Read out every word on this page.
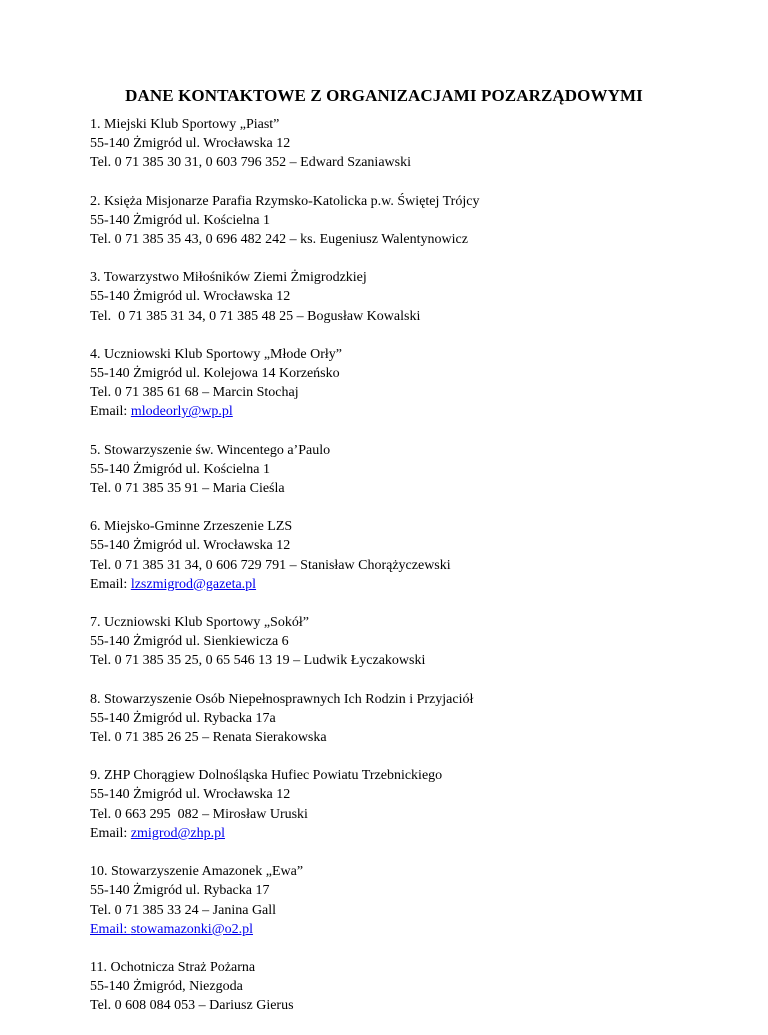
DANE KONTAKTOWE Z ORGANIZACJAMI POZARZĄDOWYMI
1. Miejski Klub Sportowy „Piast”
55-140 Żmigród ul. Wrocławska 12
Tel. 0 71 385 30 31, 0 603 796 352 – Edward Szaniawski
2. Księża Misjonarze Parafia Rzymsko-Katolicka p.w. Świętej Trójcy
55-140 Żmigród ul. Kościelna 1
Tel. 0 71 385 35 43, 0 696 482 242 – ks. Eugeniusz Walentynowicz
3. Towarzystwo Miłośników Ziemi Żmigrodzkiej
55-140 Żmigród ul. Wrocławska 12
Tel.  0 71 385 31 34, 0 71 385 48 25 – Bogusław Kowalski
4. Uczniowski Klub Sportowy „Młode Orły”
55-140 Żmigród ul. Kolejowa 14 Korzeńsko
Tel. 0 71 385 61 68 – Marcin Stochaj
Email: mlodeorly@wp.pl
5. Stowarzyszenie św. Wincentego a’Paulo
55-140 Żmigród ul. Kościelna 1
Tel. 0 71 385 35 91 – Maria Cieśla
6. Miejsko-Gminne Zrzeszenie LZS
55-140 Żmigród ul. Wrocławska 12
Tel. 0 71 385 31 34, 0 606 729 791 – Stanisław Chorążyczewski
Email: lzszmigrod@gazeta.pl
7. Uczniowski Klub Sportowy „Sokół”
55-140 Żmigród ul. Sienkiewicza 6
Tel. 0 71 385 35 25, 0 65 546 13 19 – Ludwik Łyczakowski
8. Stowarzyszenie Osób Niepełnosprawnych Ich Rodzin i Przyjaciół
55-140 Żmigród ul. Rybacka 17a
Tel. 0 71 385 26 25 – Renata Sierakowska
9. ZHP Chorągiew Dolnośląska Hufiec Powiatu Trzebnickiego
55-140 Żmigród ul. Wrocławska 12
Tel. 0 663 295  082 – Mirosław Uruski
Email: zmigrod@zhp.pl
10. Stowarzyszenie Amazonek „Ewa”
55-140 Żmigród ul. Rybacka 17
Tel. 0 71 385 33 24 – Janina Gall
Email: stowamazonki@o2.pl
11. Ochotnicza Straż Pożarna
55-140 Żmigród, Niezgoda
Tel. 0 608 084 053 – Dariusz Gierus
